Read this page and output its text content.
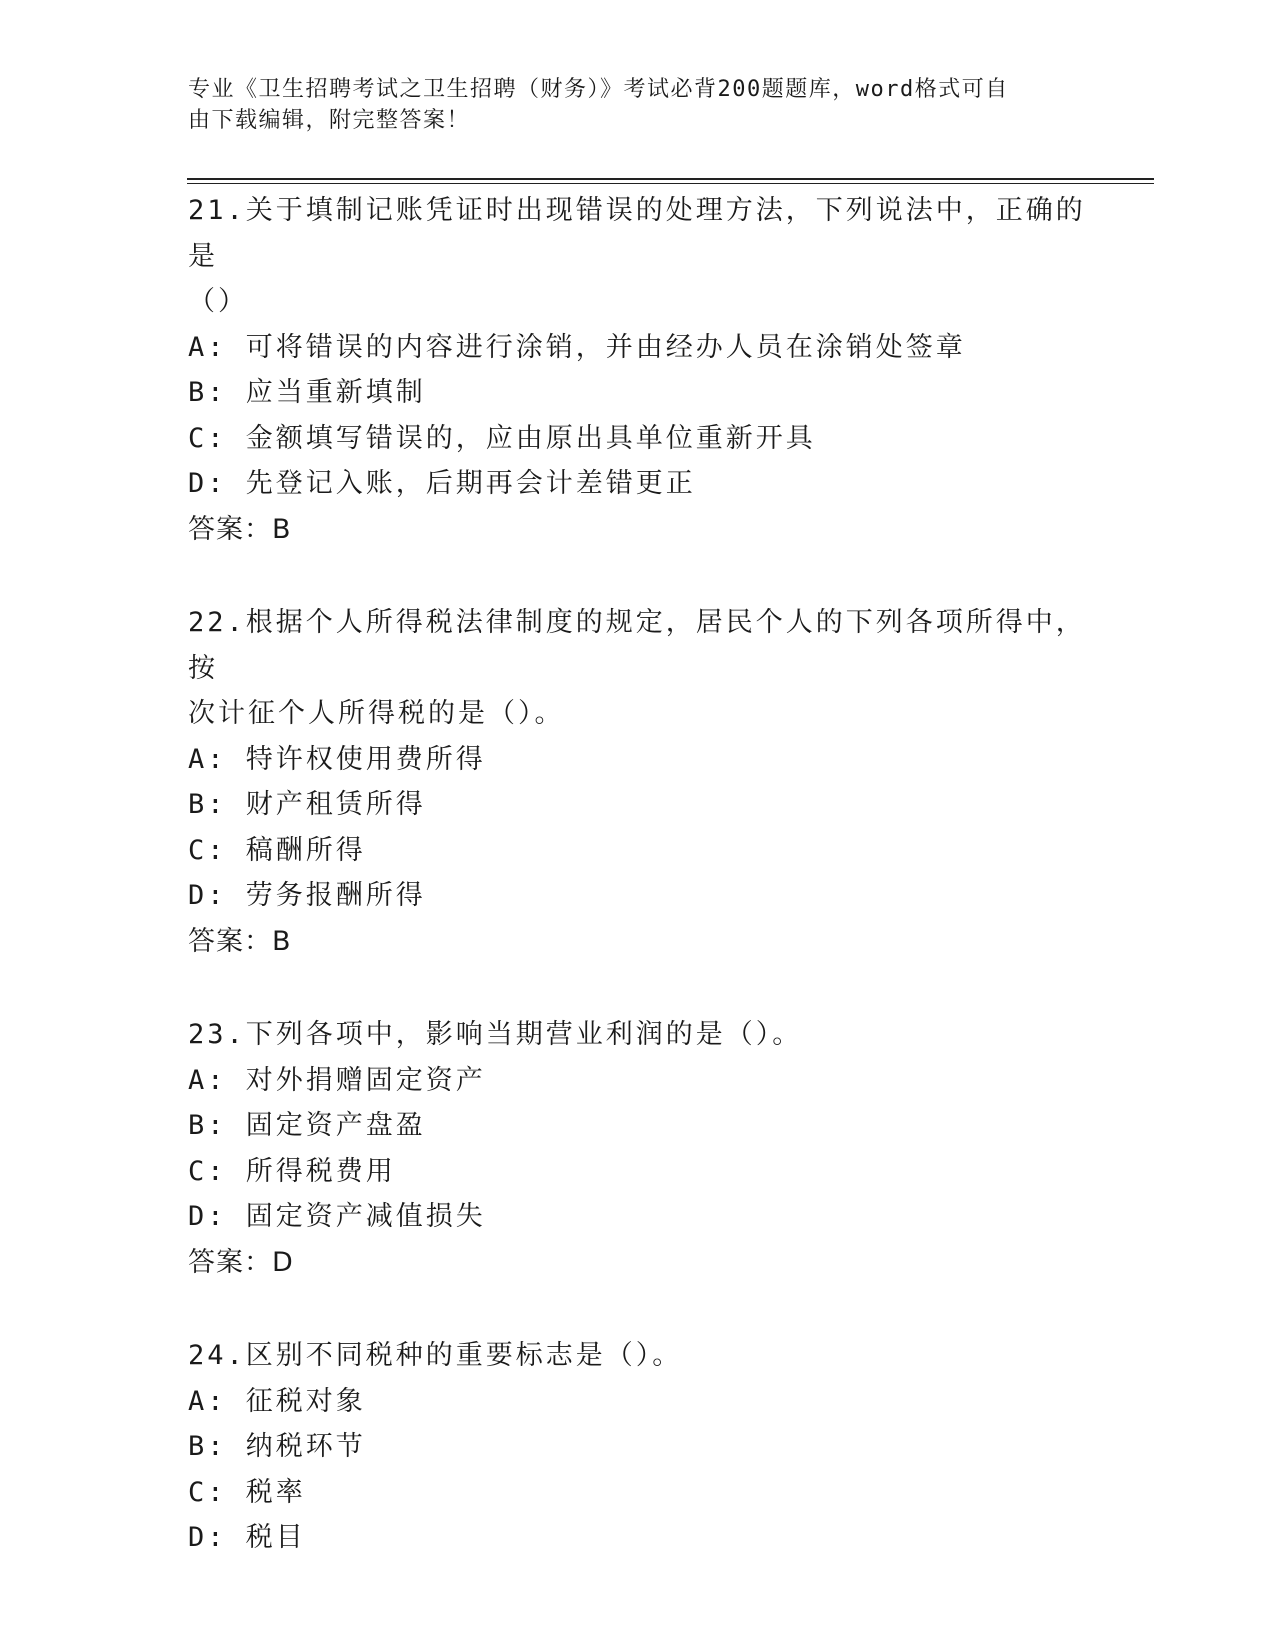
专业《卫生招聘考试之卫生招聘（财务）》考试必背200题题库，word格式可自
由下载编辑，附完整答案！
21.关于填制记账凭证时出现错误的处理方法，下列说法中，正确的是
（）
A: 可将错误的内容进行涂销，并由经办人员在涂销处签章
B: 应当重新填制
C: 金额填写错误的，应由原出具单位重新开具
D: 先登记入账，后期再会计差错更正
答案：B
22.根据个人所得税法律制度的规定，居民个人的下列各项所得中，按
次计征个人所得税的是（）。
A: 特许权使用费所得
B: 财产租赁所得
C: 稿酬所得
D: 劳务报酬所得
答案：B
23.下列各项中，影响当期营业利润的是（）。
A: 对外捐赠固定资产
B: 固定资产盘盈
C: 所得税费用
D: 固定资产减值损失
答案：D
24.区别不同税种的重要标志是（）。
A: 征税对象
B: 纳税环节
C: 税率
D: 税目
